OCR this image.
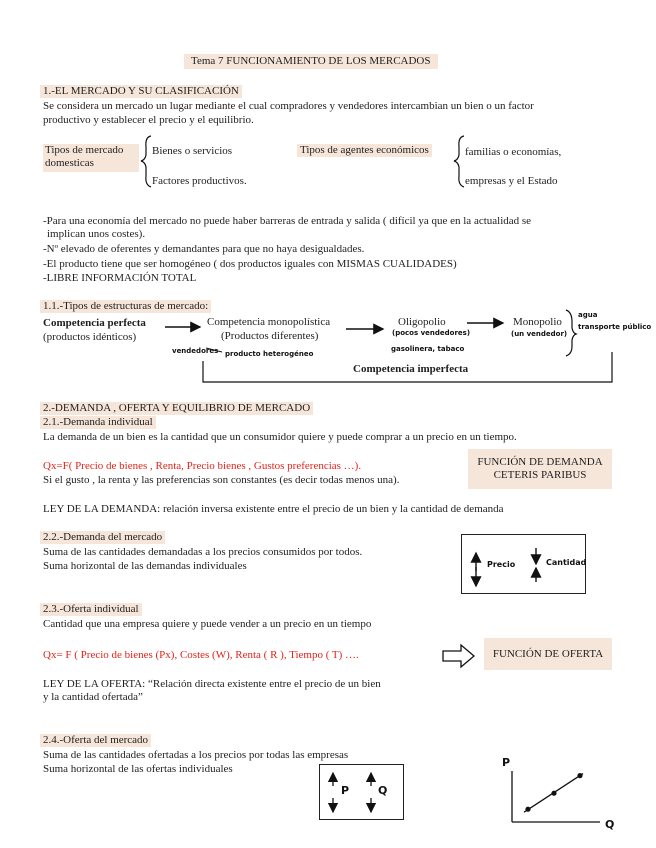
Tema 7 FUNCIONAMIENTO DE LOS MERCADOS
1.-EL MERCADO Y SU CLASIFICACIÓN
Se considera un mercado un lugar mediante el cual compradores y vendedores intercambian un bien o un factor
productivo y establecer el precio y el equilibrio.
Tipos de mercado
domesticas
Bienes o servicios
Factores productivos.
Tipos de agentes económicos	familias o economías,
empresas y el Estado
-Para una economía del mercado no puede haber barreras de entrada y salida ( difícil ya que en la actualidad se
implican unos costes).
-Nº elevado de oferentes y demandantes para que no haya desigualdades.
-El producto tiene que ser homogéneo ( dos productos iguales con MISMAS CUALIDADES)
-LIBRE INFORMACIÓN TOTAL
1.1.-Tipos de estructuras de mercado:
Competencia perfecta
(productos idénticos)
Competencia monopolística
(Productos diferentes)
Oligopolio
(pocos vendedores)
Monopolio
(un vendedor)
vendedores producto heterogéneo
gasolinera, tabaco
agua
transporte público
Competencia imperfecta
2.-DEMANDA , OFERTA Y EQUILIBRIO DE MERCADO
2.1.-Demanda individual
La demanda de un bien es la cantidad que un consumidor quiere y puede comprar a un precio en un tiempo.
Qx=F( Precio de bienes , Renta, Precio bienes , Gustos preferencias …).
Si el gusto , la renta y las preferencias son constantes (es decir todas menos una).
FUNCIÓN DE DEMANDA
CETERIS PARIBUS
LEY DE LA DEMANDA: relación inversa existente entre el precio de un bien y la cantidad de demanda
2.2.-Demanda del mercado
Suma de las cantidades demandadas a los precios consumidos por todos.
Suma horizontal de las demandas individuales	Precio	Cantidad
2.3.-Oferta individual
Cantidad que una empresa quiere y puede vender a un precio en un tiempo
Qx= F ( Precio de bienes (Px), Costes (W), Renta ( R ), Tiempo ( T) ….	FUNCIÓN DE OFERTA
LEY DE LA OFERTA: “Relación directa existente entre el precio de un bien
y la cantidad ofertada”
2.4.-Oferta del mercado
Suma de las cantidades ofertadas a los precios por todas las empresas
Suma horizontal de las ofertas individuales
P	Q
P
Q
